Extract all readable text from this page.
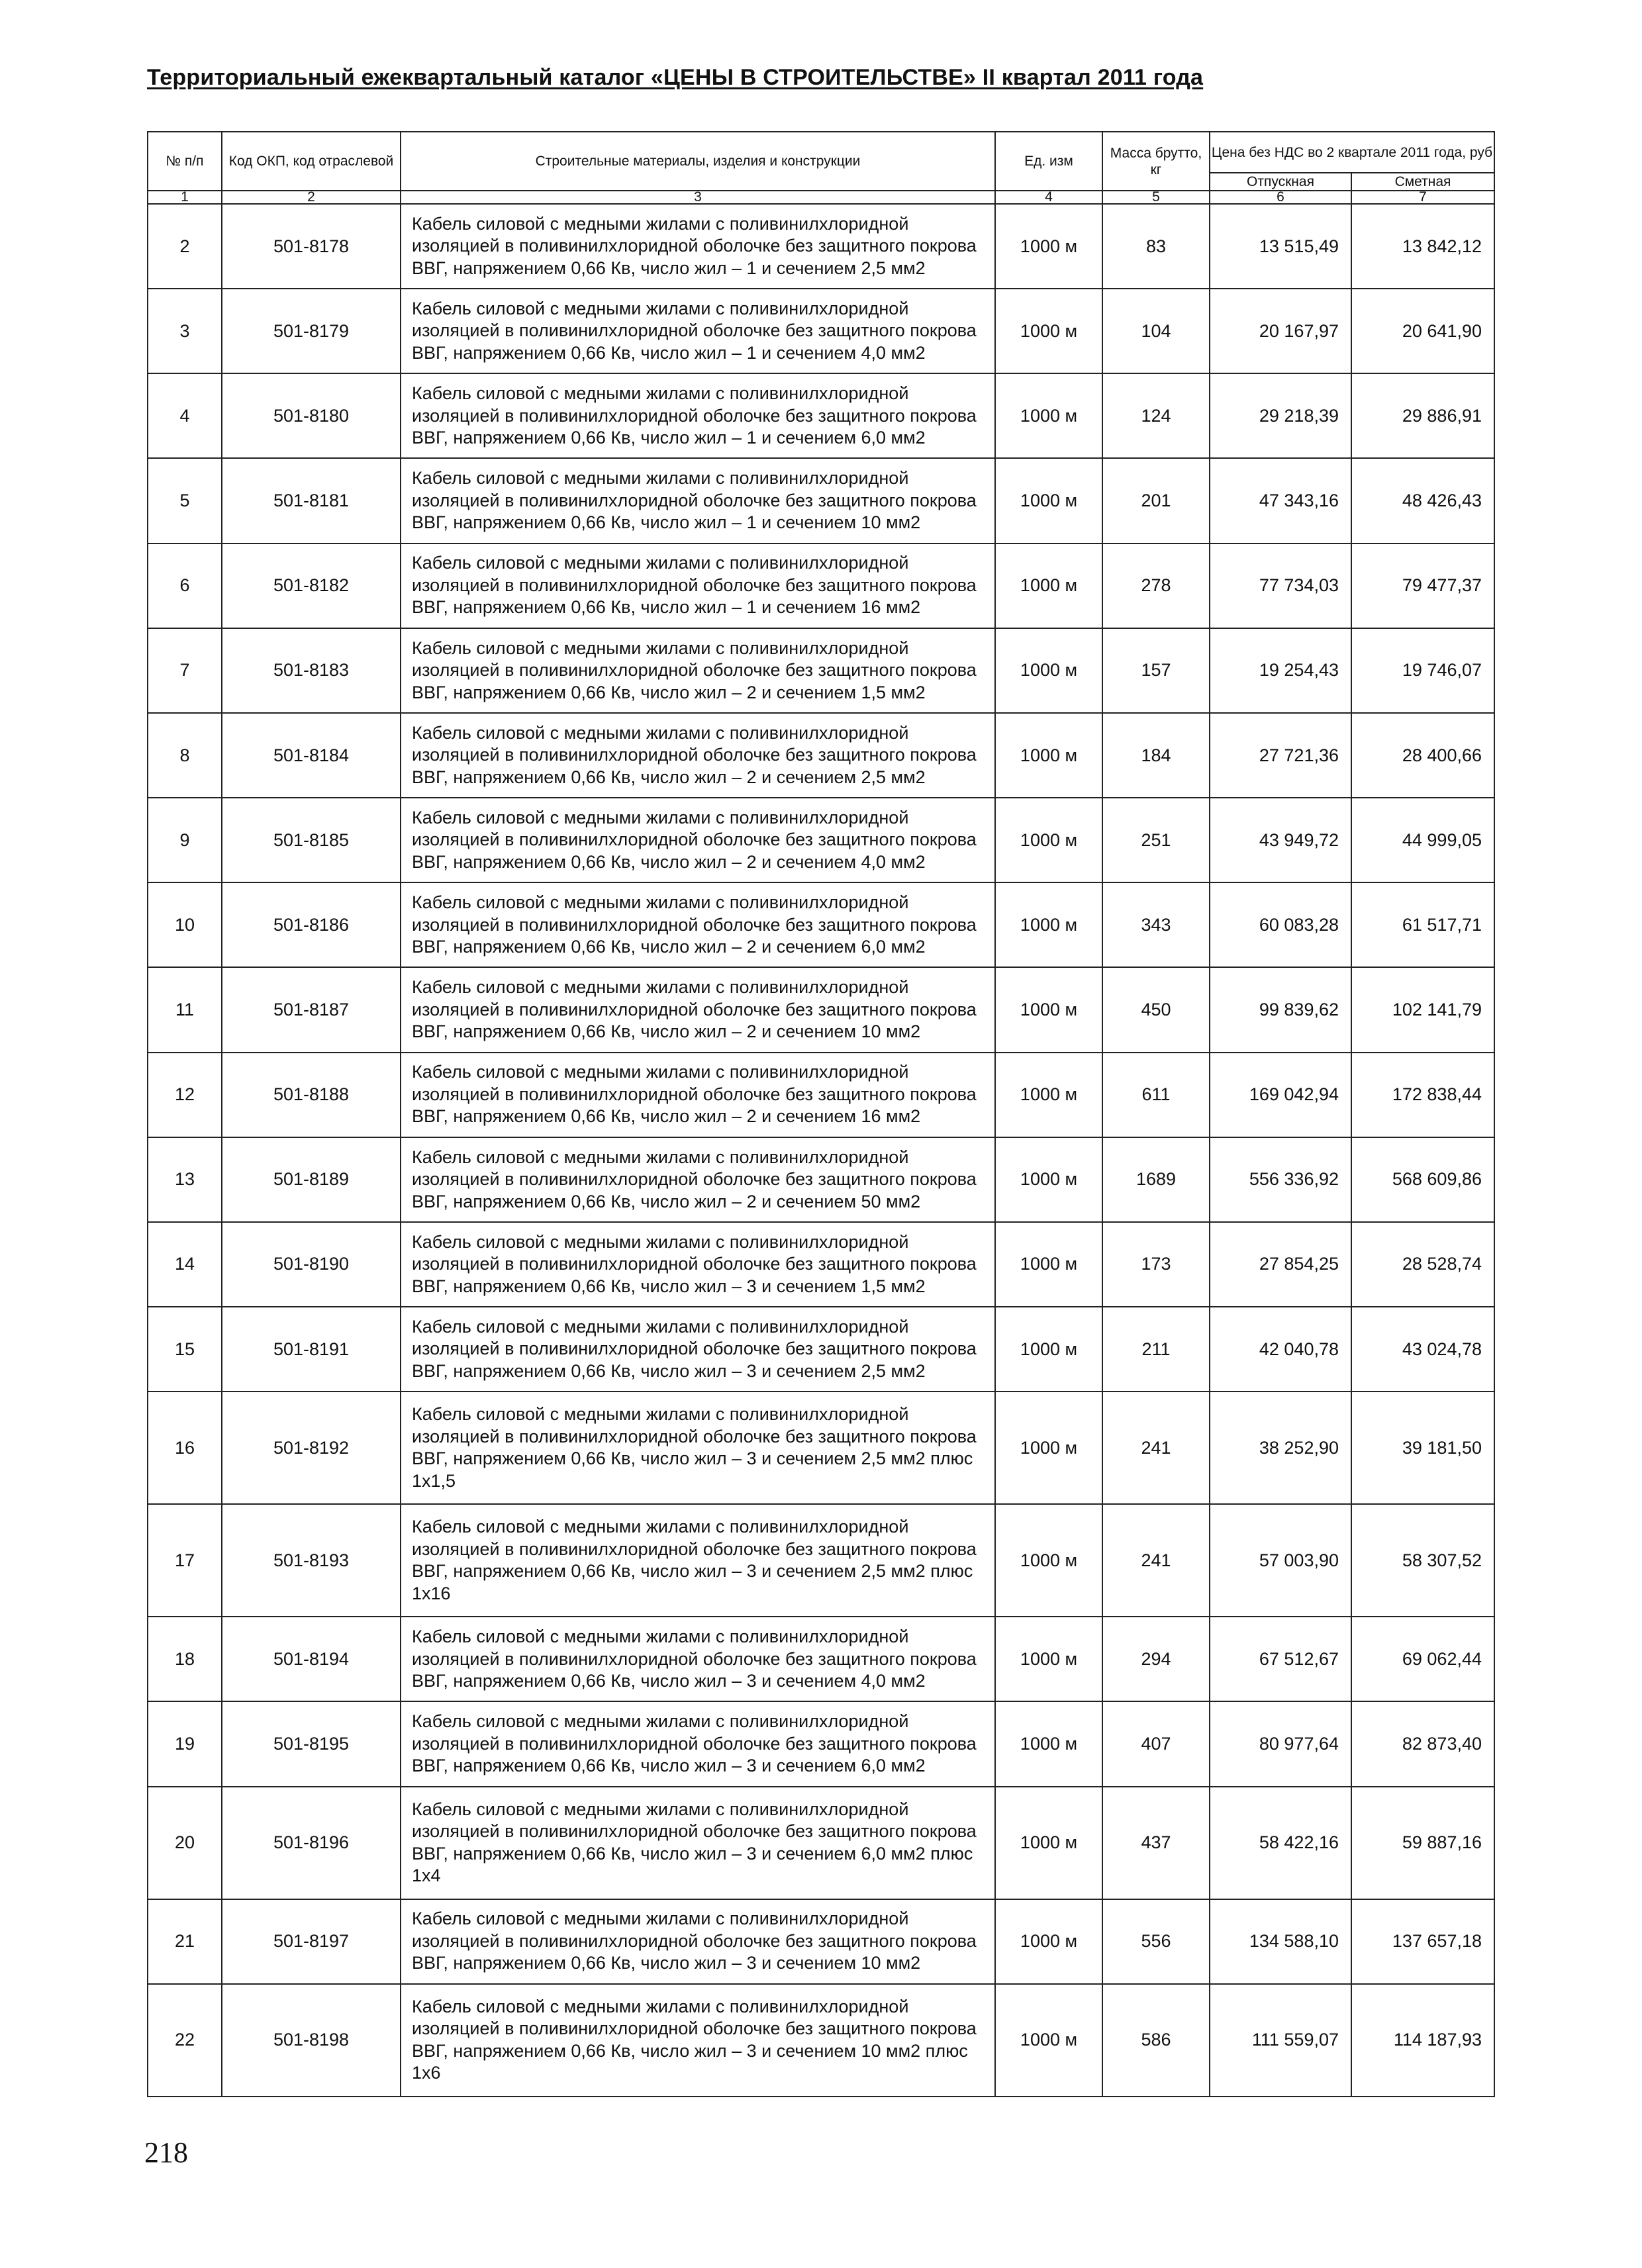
Территориальный ежеквартальный каталог «ЦЕНЫ В СТРОИТЕЛЬСТВЕ» II квартал 2011 года
№ п/п	Код ОКП, код отраслевой	Строительные материалы, изделия и конструкции	Ед. изм	Масса брутто, кг	Цена без НДС во 2 квартале 2011 года, руб	
					Отпускная	Сметная
1	2	3	4	5	6	7
2	501-8178	Кабель силовой с медными жилами с поливинилхлоридной изоляцией в поливинилхлоридной оболочке без защитного покрова ВВГ, напряжением 0,66 Кв, число жил – 1 и сечением 2,5 мм2	1000 м	83	13 515,49	13 842,12
3	501-8179	Кабель силовой с медными жилами с поливинилхлоридной изоляцией в поливинилхлоридной оболочке без защитного покрова ВВГ, напряжением 0,66 Кв, число жил – 1 и сечением 4,0 мм2	1000 м	104	20 167,97	20 641,90
4	501-8180	Кабель силовой с медными жилами с поливинилхлоридной изоляцией в поливинилхлоридной оболочке без защитного покрова ВВГ, напряжением 0,66 Кв, число жил – 1 и сечением 6,0 мм2	1000 м	124	29 218,39	29 886,91
5	501-8181	Кабель силовой с медными жилами с поливинилхлоридной изоляцией в поливинилхлоридной оболочке без защитного покрова ВВГ, напряжением 0,66 Кв, число жил – 1 и сечением 10 мм2	1000 м	201	47 343,16	48 426,43
6	501-8182	Кабель силовой с медными жилами с поливинилхлоридной изоляцией в поливинилхлоридной оболочке без защитного покрова ВВГ, напряжением 0,66 Кв, число жил – 1 и сечением 16 мм2	1000 м	278	77 734,03	79 477,37
7	501-8183	Кабель силовой с медными жилами с поливинилхлоридной изоляцией в поливинилхлоридной оболочке без защитного покрова ВВГ, напряжением 0,66 Кв, число жил – 2 и сечением 1,5 мм2	1000 м	157	19 254,43	19 746,07
8	501-8184	Кабель силовой с медными жилами с поливинилхлоридной изоляцией в поливинилхлоридной оболочке без защитного покрова ВВГ, напряжением 0,66 Кв, число жил – 2 и сечением 2,5 мм2	1000 м	184	27 721,36	28 400,66
9	501-8185	Кабель силовой с медными жилами с поливинилхлоридной изоляцией в поливинилхлоридной оболочке без защитного покрова ВВГ, напряжением 0,66 Кв, число жил – 2 и сечением 4,0 мм2	1000 м	251	43 949,72	44 999,05
10	501-8186	Кабель силовой с медными жилами с поливинилхлоридной изоляцией в поливинилхлоридной оболочке без защитного покрова ВВГ, напряжением 0,66 Кв, число жил – 2 и сечением 6,0 мм2	1000 м	343	60 083,28	61 517,71
11	501-8187	Кабель силовой с медными жилами с поливинилхлоридной изоляцией в поливинилхлоридной оболочке без защитного покрова ВВГ, напряжением 0,66 Кв, число жил – 2 и сечением 10 мм2	1000 м	450	99 839,62	102 141,79
12	501-8188	Кабель силовой с медными жилами с поливинилхлоридной изоляцией в поливинилхлоридной оболочке без защитного покрова ВВГ, напряжением 0,66 Кв, число жил – 2 и сечением 16 мм2	1000 м	611	169 042,94	172 838,44
13	501-8189	Кабель силовой с медными жилами с поливинилхлоридной изоляцией в поливинилхлоридной оболочке без защитного покрова ВВГ, напряжением 0,66 Кв, число жил – 2 и сечением 50 мм2	1000 м	1689	556 336,92	568 609,86
14	501-8190	Кабель силовой с медными жилами с поливинилхлоридной изоляцией в поливинилхлоридной оболочке без защитного покрова ВВГ, напряжением 0,66 Кв, число жил – 3 и сечением 1,5 мм2	1000 м	173	27 854,25	28 528,74
15	501-8191	Кабель силовой с медными жилами с поливинилхлоридной изоляцией в поливинилхлоридной оболочке без защитного покрова ВВГ, напряжением 0,66 Кв, число жил – 3 и сечением 2,5 мм2	1000 м	211	42 040,78	43 024,78
16	501-8192	Кабель силовой с медными жилами с поливинилхлоридной изоляцией в поливинилхлоридной оболочке без защитного покрова ВВГ, напряжением 0,66 Кв, число жил – 3 и сечением 2,5 мм2 плюс 1х1,5	1000 м	241	38 252,90	39 181,50
17	501-8193	Кабель силовой с медными жилами с поливинилхлоридной изоляцией в поливинилхлоридной оболочке без защитного покрова ВВГ, напряжением 0,66 Кв, число жил – 3 и сечением 2,5 мм2 плюс 1х16	1000 м	241	57 003,90	58 307,52
18	501-8194	Кабель силовой с медными жилами с поливинилхлоридной изоляцией в поливинилхлоридной оболочке без защитного покрова ВВГ, напряжением 0,66 Кв, число жил – 3 и сечением 4,0 мм2	1000 м	294	67 512,67	69 062,44
19	501-8195	Кабель силовой с медными жилами с поливинилхлоридной изоляцией в поливинилхлоридной оболочке без защитного покрова ВВГ, напряжением 0,66 Кв, число жил – 3 и сечением 6,0 мм2	1000 м	407	80 977,64	82 873,40
20	501-8196	Кабель силовой с медными жилами с поливинилхлоридной изоляцией в поливинилхлоридной оболочке без защитного покрова ВВГ, напряжением 0,66 Кв, число жил – 3 и сечением 6,0 мм2 плюс 1х4	1000 м	437	58 422,16	59 887,16
21	501-8197	Кабель силовой с медными жилами с поливинилхлоридной изоляцией в поливинилхлоридной оболочке без защитного покрова ВВГ, напряжением 0,66 Кв, число жил – 3 и сечением 10 мм2	1000 м	556	134 588,10	137 657,18
22	501-8198	Кабель силовой с медными жилами с поливинилхлоридной изоляцией в поливинилхлоридной оболочке без защитного покрова ВВГ, напряжением 0,66 Кв, число жил – 3 и сечением 10 мм2 плюс 1х6	1000 м	586	111 559,07	114 187,93
218
